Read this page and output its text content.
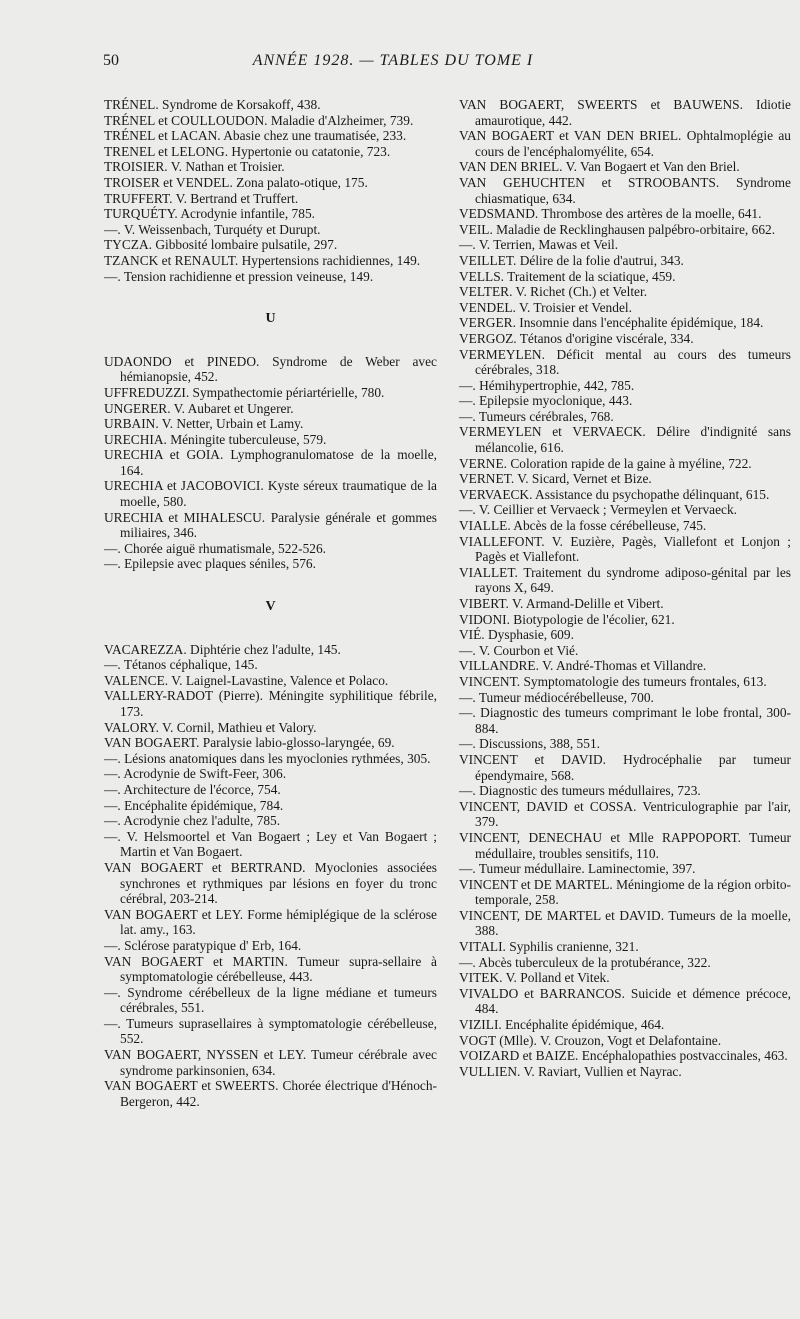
50	ANNÉE 1928. — TABLES DU TOME I

TRÉNEL. Syndrome de Korsakoff, 438.

TRÉNEL et COULLOUDON. Maladie d'Alzheimer, 739.

TRÉNEL et LACAN. Abasie chez une traumatisée, 233.

TRENEL et LELONG. Hypertonie ou catatonie, 723.

TROISIER. V. Nathan et Troisier.

TROISER et VENDEL. Zona palato-otique, 175.

TRUFFERT. V. Bertrand et Truffert.

TURQUÉTY. Acrodynie infantile, 785.

—. V. Weissenbach, Turquéty et Durupt.

TYCZA. Gibbosité lombaire pulsatile, 297.

TZANCK et RENAULT. Hypertensions rachidiennes, 149.

—. Tension rachidienne et pression veineuse, 149.

U

UDAONDO et PINEDO. Syndrome de Weber avec hémianopsie, 452.

UFFREDUZZI. Sympathectomie périartérielle, 780.

UNGERER. V. Aubaret et Ungerer.

URBAIN. V. Netter, Urbain et Lamy.

URECHIA. Méningite tuberculeuse, 579.

URECHIA et GOIA. Lymphogranulomatose de la moelle, 164.

URECHIA et JACOBOVICI. Kyste séreux traumatique de la moelle, 580.

URECHIA et MIHALESCU. Paralysie générale et gommes miliaires, 346.

—. Chorée aiguë rhumatismale, 522-526.

—. Epilepsie avec plaques séniles, 576.

V

VACAREZZA. Diphtérie chez l'adulte, 145.

—. Tétanos céphalique, 145.

VALENCE. V. Laignel-Lavastine, Valence et Polaco.

VALLERY-RADOT (Pierre). Méningite syphilitique fébrile, 173.

VALORY. V. Cornil, Mathieu et Valory.

VAN BOGAERT. Paralysie labio-glosso-laryngée, 69.

—. Lésions anatomiques dans les myoclonies rythmées, 305.

—. Acrodynie de Swift-Feer, 306.

—. Architecture de l'écorce, 754.

—. Encéphalite épidémique, 784.

—. Acrodynie chez l'adulte, 785.

—. V. Helsmoortel et Van Bogaert ; Ley et Van Bogaert ; Martin et Van Bogaert.

VAN BOGAERT et BERTRAND. Myoclonies associées synchrones et rythmiques par lésions en foyer du tronc cérébral, 203-214.

VAN BOGAERT et LEY. Forme hémiplégique de la sclérose lat. amy., 163.

—. Sclérose paratypique d' Erb, 164.

VAN BOGAERT et MARTIN. Tumeur supra-sellaire à symptomatologie cérébelleuse, 443.

—. Syndrome cérébelleux de la ligne médiane et tumeurs cérébrales, 551.

—. Tumeurs suprasellaires à symptomatologie cérébelleuse, 552.

VAN BOGAERT, NYSSEN et LEY. Tumeur cérébrale avec syndrome parkinsonien, 634.

VAN BOGAERT et SWEERTS. Chorée électrique d'Hénoch-Bergeron, 442.

VAN BOGAERT, SWEERTS et BAUWENS. Idiotie amaurotique, 442.

VAN BOGAERT et VAN DEN BRIEL. Ophtalmoplégie au cours de l'encéphalomyélite, 654.

VAN DEN BRIEL. V. Van Bogaert et Van den Briel.

VAN GEHUCHTEN et STROOBANTS. Syndrome chiasmatique, 634.

VEDSMAND. Thrombose des artères de la moelle, 641.

VEIL. Maladie de Recklinghausen palpébro-orbitaire, 662.

—. V. Terrien, Mawas et Veil.

VEILLET. Délire de la folie d'autrui, 343.

VELLS. Traitement de la sciatique, 459.

VELTER. V. Richet (Ch.) et Velter.

VENDEL. V. Troisier et Vendel.

VERGER. Insomnie dans l'encéphalite épidémique, 184.

VERGOZ. Tétanos d'origine viscérale, 334.

VERMEYLEN. Déficit mental au cours des tumeurs cérébrales, 318.

—. Hémihypertrophie, 442, 785.

—. Epilepsie myoclonique, 443.

—. Tumeurs cérébrales, 768.

VERMEYLEN et VERVAECK. Délire d'indignité sans mélancolie, 616.

VERNE. Coloration rapide de la gaine à myéline, 722.

VERNET. V. Sicard, Vernet et Bize.

VERVAECK. Assistance du psychopathe délinquant, 615.

—. V. Ceillier et Vervaeck ; Vermeylen et Vervaeck.

VIALLE. Abcès de la fosse cérébelleuse, 745.

VIALLEFONT. V. Euzière, Pagès, Viallefont et Lonjon ; Pagès et Viallefont.

VIALLET. Traitement du syndrome adiposo-génital par les rayons X, 649.

VIBERT. V. Armand-Delille et Vibert.

VIDONI. Biotypologie de l'écolier, 621.

VIÉ. Dysphasie, 609.

—. V. Courbon et Vié.

VILLANDRE. V. André-Thomas et Villandre.

VINCENT. Symptomatologie des tumeurs frontales, 613.

—. Tumeur médiocérébelleuse, 700.

—. Diagnostic des tumeurs comprimant le lobe frontal, 300-884.

—. Discussions, 388, 551.

VINCENT et DAVID. Hydrocéphalie par tumeur épendymaire, 568.

—. Diagnostic des tumeurs médullaires, 723.

VINCENT, DAVID et COSSA. Ventriculographie par l'air, 379.

VINCENT, DENECHAU et Mlle RAPPOPORT. Tumeur médullaire, troubles sensitifs, 110.

—. Tumeur médullaire. Laminectomie, 397.

VINCENT et DE MARTEL. Méningiome de la région orbito-temporale, 258.

VINCENT, DE MARTEL et DAVID. Tumeurs de la moelle, 388.

VITALI. Syphilis cranienne, 321.

—. Abcès tuberculeux de la protubérance, 322.

VITEK. V. Polland et Vitek.

VIVALDO et BARRANCOS. Suicide et démence précoce, 484.

VIZILI. Encéphalite épidémique, 464.

VOGT (Mlle). V. Crouzon, Vogt et Delafontaine.

VOIZARD et BAIZE. Encéphalopathies postvaccinales, 463.

VULLIEN. V. Raviart, Vullien et Nayrac.
